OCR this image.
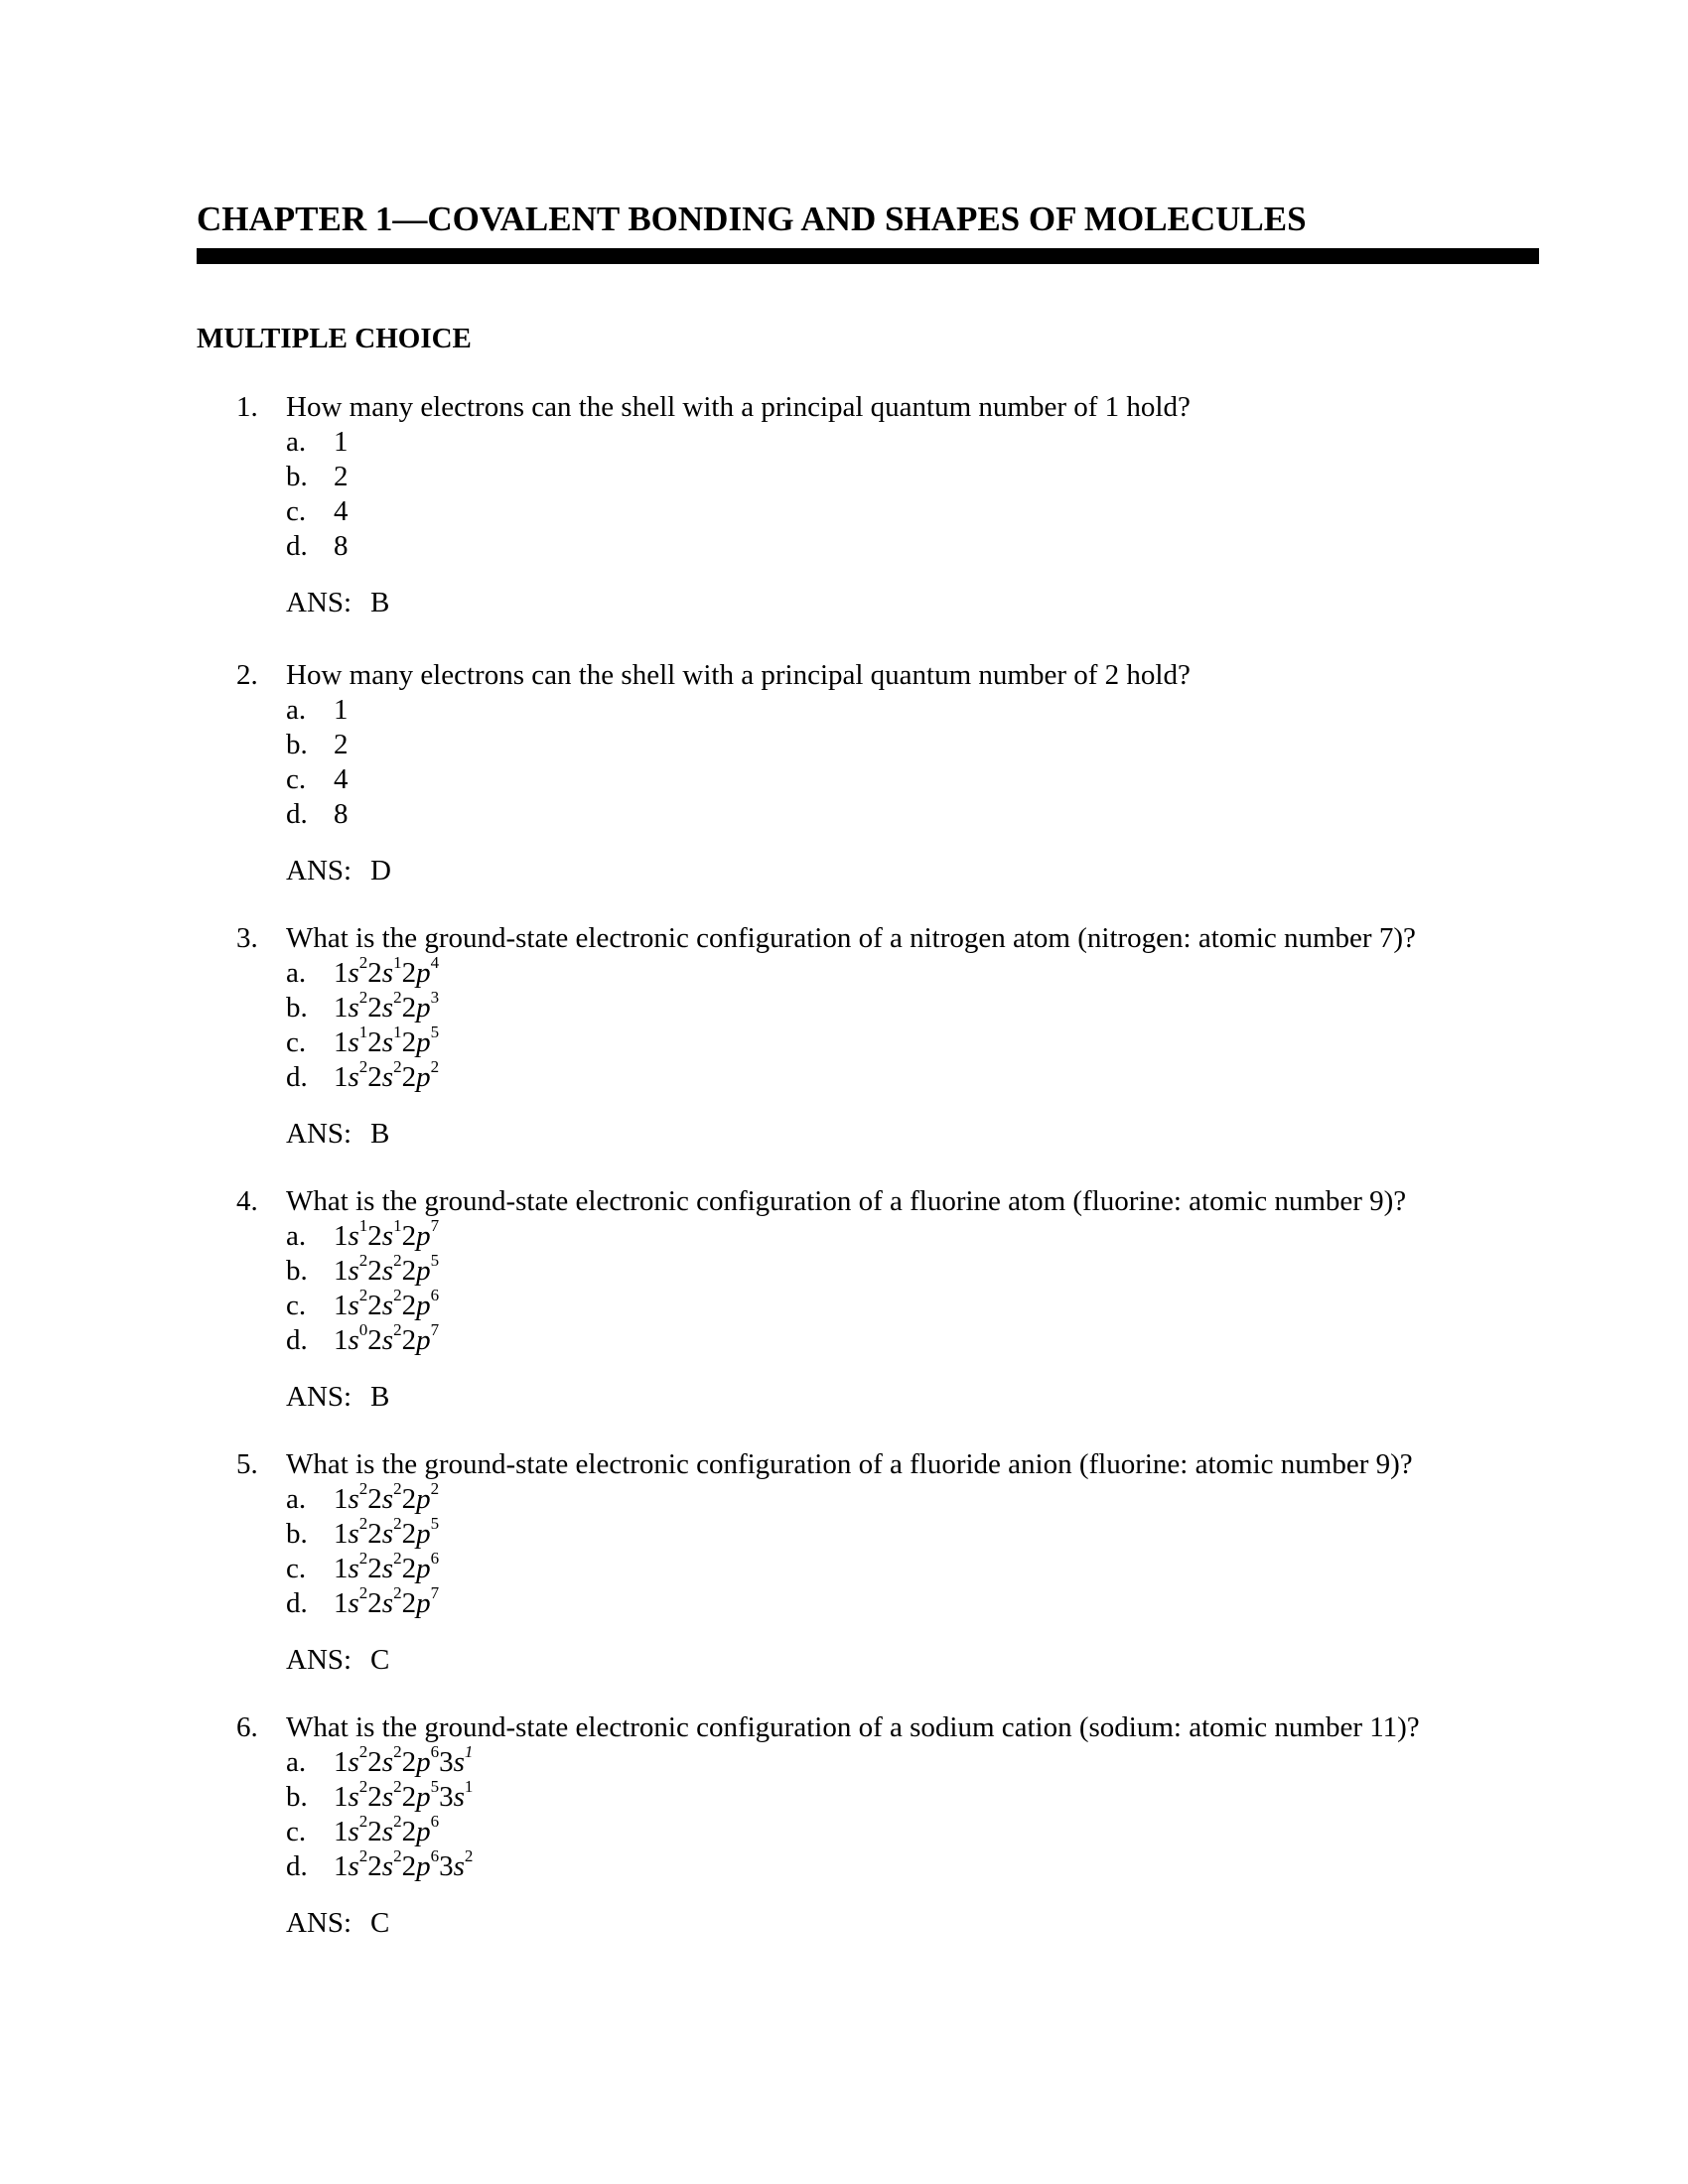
CHAPTER 1—COVALENT BONDING AND SHAPES OF MOLECULES
MULTIPLE CHOICE
1. How many electrons can the shell with a principal quantum number of 1 hold?
a. 1
b. 2
c. 4
d. 8
ANS: B
2. How many electrons can the shell with a principal quantum number of 2 hold?
a. 1
b. 2
c. 4
d. 8
ANS: D
3. What is the ground-state electronic configuration of a nitrogen atom (nitrogen: atomic number 7)?
a. $1s^22s^12p^4$
b. $1s^22s^22p^3$
c. $1s^12s^12p^5$
d. $1s^22s^22p^2$
ANS: B
4. What is the ground-state electronic configuration of a fluorine atom (fluorine: atomic number 9)?
a. $1s^12s^12p^7$
b. $1s^22s^22p^5$
c. $1s^22s^22p^6$
d. $1s^02s^22p^7$
ANS: B
5. What is the ground-state electronic configuration of a fluoride anion (fluorine: atomic number 9)?
a. $1s^22s^22p^2$
b. $1s^22s^22p^5$
c. $1s^22s^22p^6$
d. $1s^22s^22p^7$
ANS: C
6. What is the ground-state electronic configuration of a sodium cation (sodium: atomic number 11)?
a. $1s^22s^22p^63s^1$
b. $1s^22s^22p^53s^1$
c. $1s^22s^22p^6$
d. $1s^22s^22p^63s^2$
ANS: C
